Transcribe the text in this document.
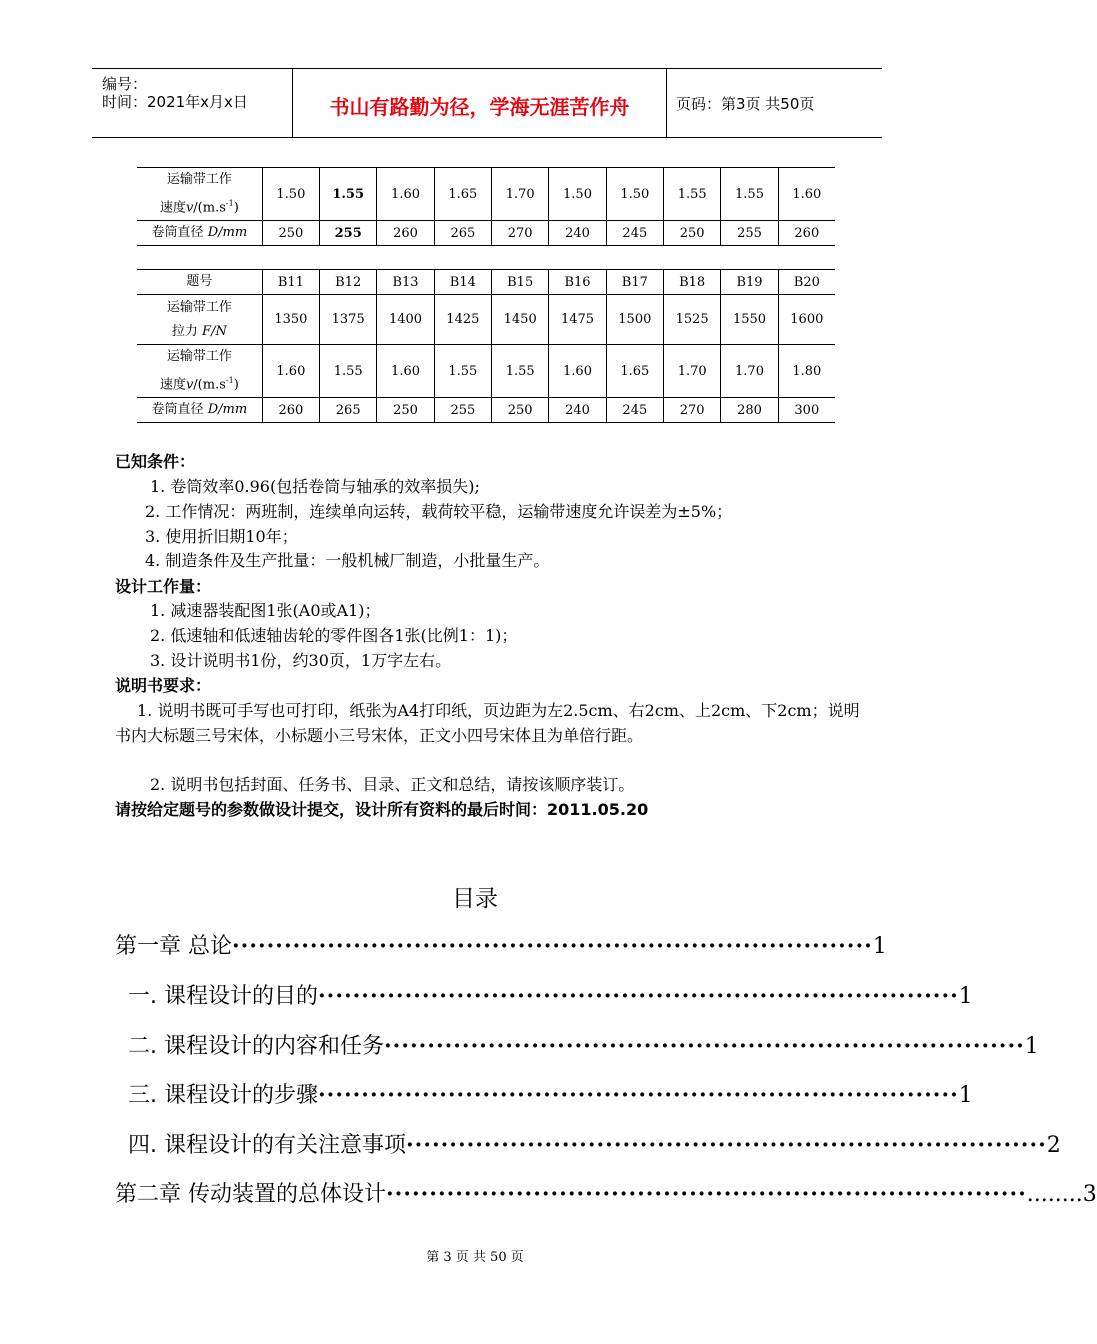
编号：
时间：2021年x月x日	书山有路勤为径，学海无涯苦作舟	页码：第3页 共50页
运输带工作
速度$v/(m.s^{-1})$	1.50	1.55	1.60	1.65	1.70	1.50	1.50	1.55	1.55	1.60
卷筒直径 D/mm	250	255	260	265	270	240	245	250	255	260
题号	B11	B12	B13	B14	B15	B16	B17	B18	B19	B20
运输带工作
拉力 F/N	1350	1375	1400	1425	1450	1475	1500	1525	1550	1600
运输带工作
速度$v/(m.s^{-1})$	1.60	1.55	1.60	1.55	1.55	1.60	1.65	1.70	1.70	1.80
卷筒直径 D/mm	260	265	250	255	250	240	245	270	280	300
已知条件：
1. 卷筒效率0.96(包括卷筒与轴承的效率损失);
2. 工作情况：两班制，连续单向运转，载荷较平稳，运输带速度允许误差为±5%；
3. 使用折旧期10年；
4. 制造条件及生产批量：一般机械厂制造，小批量生产。
设计工作量：
1. 减速器装配图1张(A0或A1)；
2. 低速轴和低速轴齿轮的零件图各1张(比例1：1)；
3. 设计说明书1份，约30页，1万字左右。
说明书要求：
1. 说明书既可手写也可打印，纸张为A4打印纸，页边距为左2.5cm、右2cm、上2cm、下2cm；说明书内大标题三号宋体，小标题小三号宋体，正文小四号宋体且为单倍行距。
2. 说明书包括封面、任务书、目录、正文和总结，请按该顺序装订。
请按给定题号的参数做设计提交，设计所有资料的最后时间：2011.05.20
目录
第一章 总论 ·········································································· 1
一. 课程设计的目的 ·········································································· 1
二. 课程设计的内容和任务 ·········································································· 1
三. 课程设计的步骤 ·········································································· 1
四. 课程设计的有关注意事项 ·········································································· 2
第二章 传动装置的总体设计 ·········································································· ........ 3
第 3 页 共 50 页
